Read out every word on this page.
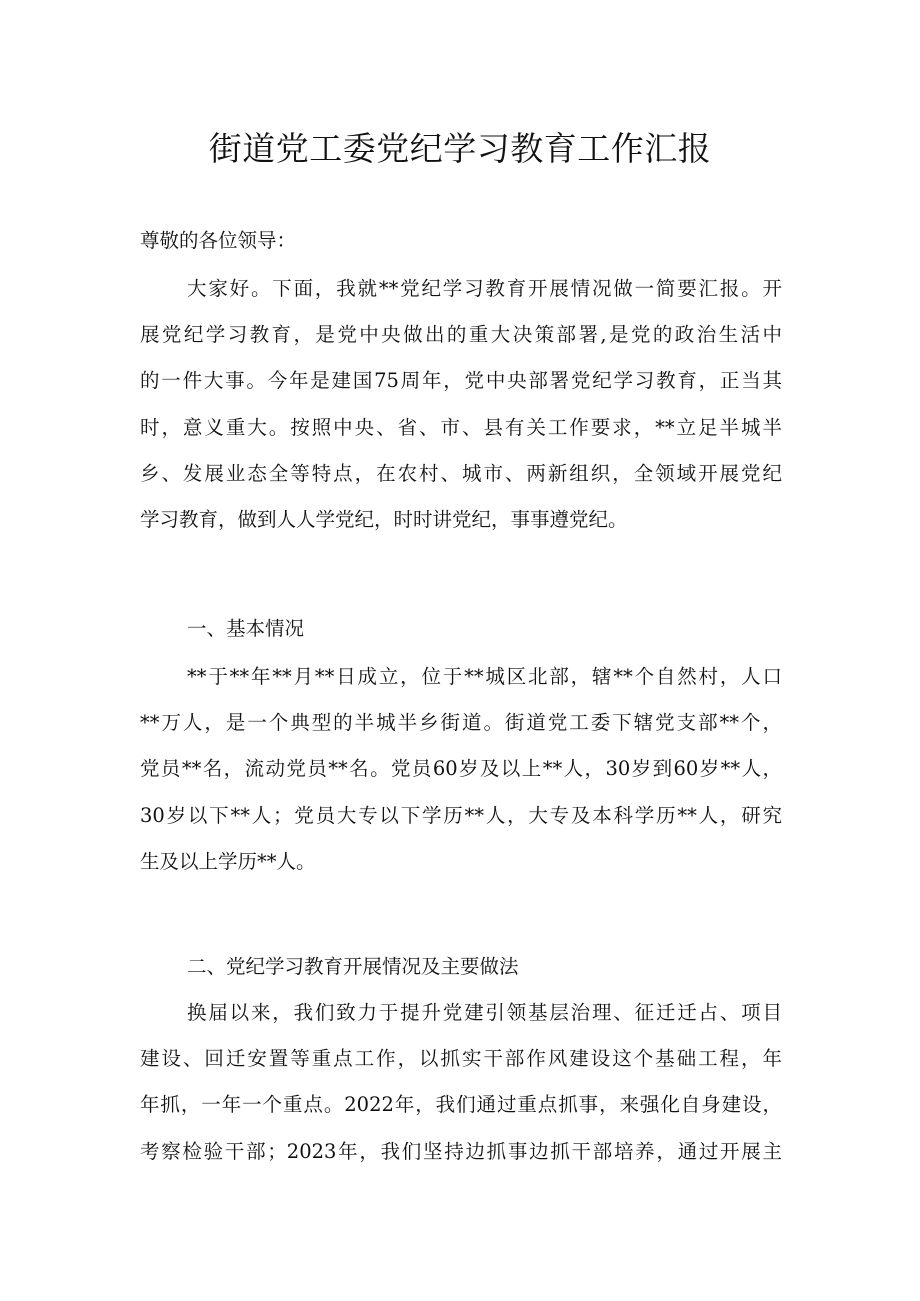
街道党工委党纪学习教育工作汇报

尊敬的各位领导：

大家好。下面，我就**党纪学习教育开展情况做一简要汇报。开
展党纪学习教育，是党中央做出的重大决策部署,是党的政治生活中
的一件大事。今年是建国75周年，党中央部署党纪学习教育，正当其
时，意义重大。按照中央、省、市、县有关工作要求，**立足半城半
乡、发展业态全等特点，在农村、城市、两新组织，全领域开展党纪
学习教育，做到人人学党纪，时时讲党纪，事事遵党纪。
一、基本情况
**于**年**月**日成立，位于**城区北部，辖**个自然村，人口
**万人，是一个典型的半城半乡街道。街道党工委下辖党支部**个，
党员**名，流动党员**名。党员60岁及以上**人，30岁到60岁**人，
30岁以下**人；党员大专以下学历**人，大专及本科学历**人，研究
生及以上学历**人。
二、党纪学习教育开展情况及主要做法
换届以来，我们致力于提升党建引领基层治理、征迁迁占、项目
建设、回迁安置等重点工作，以抓实干部作风建设这个基础工程，年
年抓，一年一个重点。2022年，我们通过重点抓事，来强化自身建设，
考察检验干部；2023年，我们坚持边抓事边抓干部培养，通过开展主
